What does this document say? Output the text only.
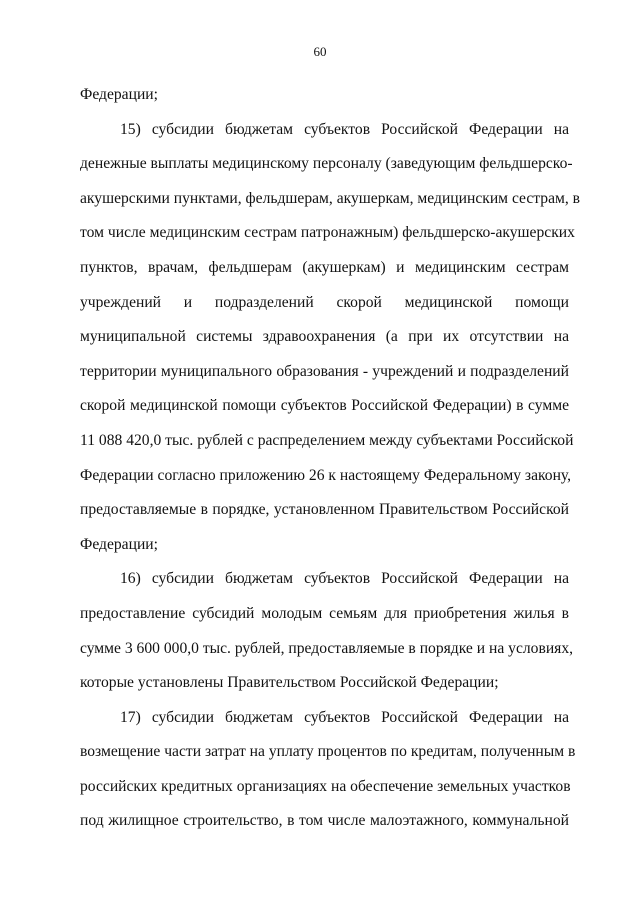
60
Федерации;
15) субсидии бюджетам субъектов Российской Федерации на
денежные выплаты медицинскому персоналу (заведующим фельдшерско-
акушерскими пунктами, фельдшерам, акушеркам, медицинским сестрам, в
том числе медицинским сестрам патронажным) фельдшерско-акушерских
пунктов, врачам, фельдшерам (акушеркам) и медицинским сестрам
учреждений и подразделений скорой медицинской помощи
муниципальной системы здравоохранения (а при их отсутствии на
территории муниципального образования - учреждений и подразделений
скорой медицинской помощи субъектов Российской Федерации) в сумме
11 088 420,0 тыс. рублей с распределением между субъектами Российской
Федерации согласно приложению 26 к настоящему Федеральному закону,
предоставляемые в порядке, установленном Правительством Российской
Федерации;
16) субсидии бюджетам субъектов Российской Федерации на
предоставление субсидий молодым семьям для приобретения жилья в
сумме 3 600 000,0 тыс. рублей, предоставляемые в порядке и на условиях,
которые установлены Правительством Российской Федерации;
17) субсидии бюджетам субъектов Российской Федерации на
возмещение части затрат на уплату процентов по кредитам, полученным в
российских кредитных организациях на обеспечение земельных участков
под жилищное строительство, в том числе малоэтажного, коммунальной
